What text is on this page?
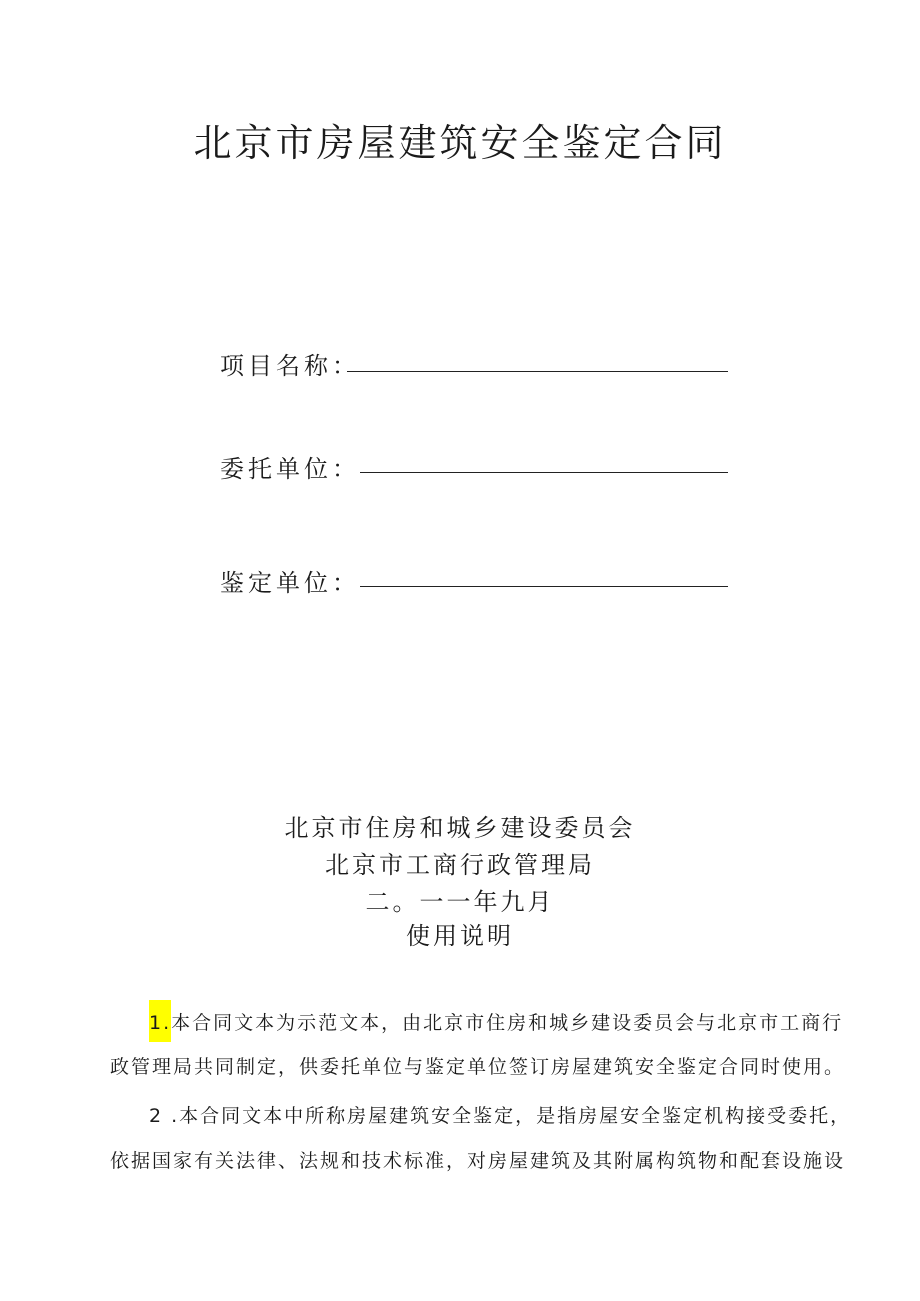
北京市房屋建筑安全鉴定合同
项目名称：
委托单位：
鉴定单位：
北京市住房和城乡建设委员会
北京市工商行政管理局
二。一一年九月
使用说明
1.本合同文本为示范文本，由北京市住房和城乡建设委员会与北京市工商行
政管理局共同制定，供委托单位与鉴定单位签订房屋建筑安全鉴定合同时使用。
2 .本合同文本中所称房屋建筑安全鉴定，是指房屋安全鉴定机构接受委托，
依据国家有关法律、法规和技术标准，对房屋建筑及其附属构筑物和配套设施设
